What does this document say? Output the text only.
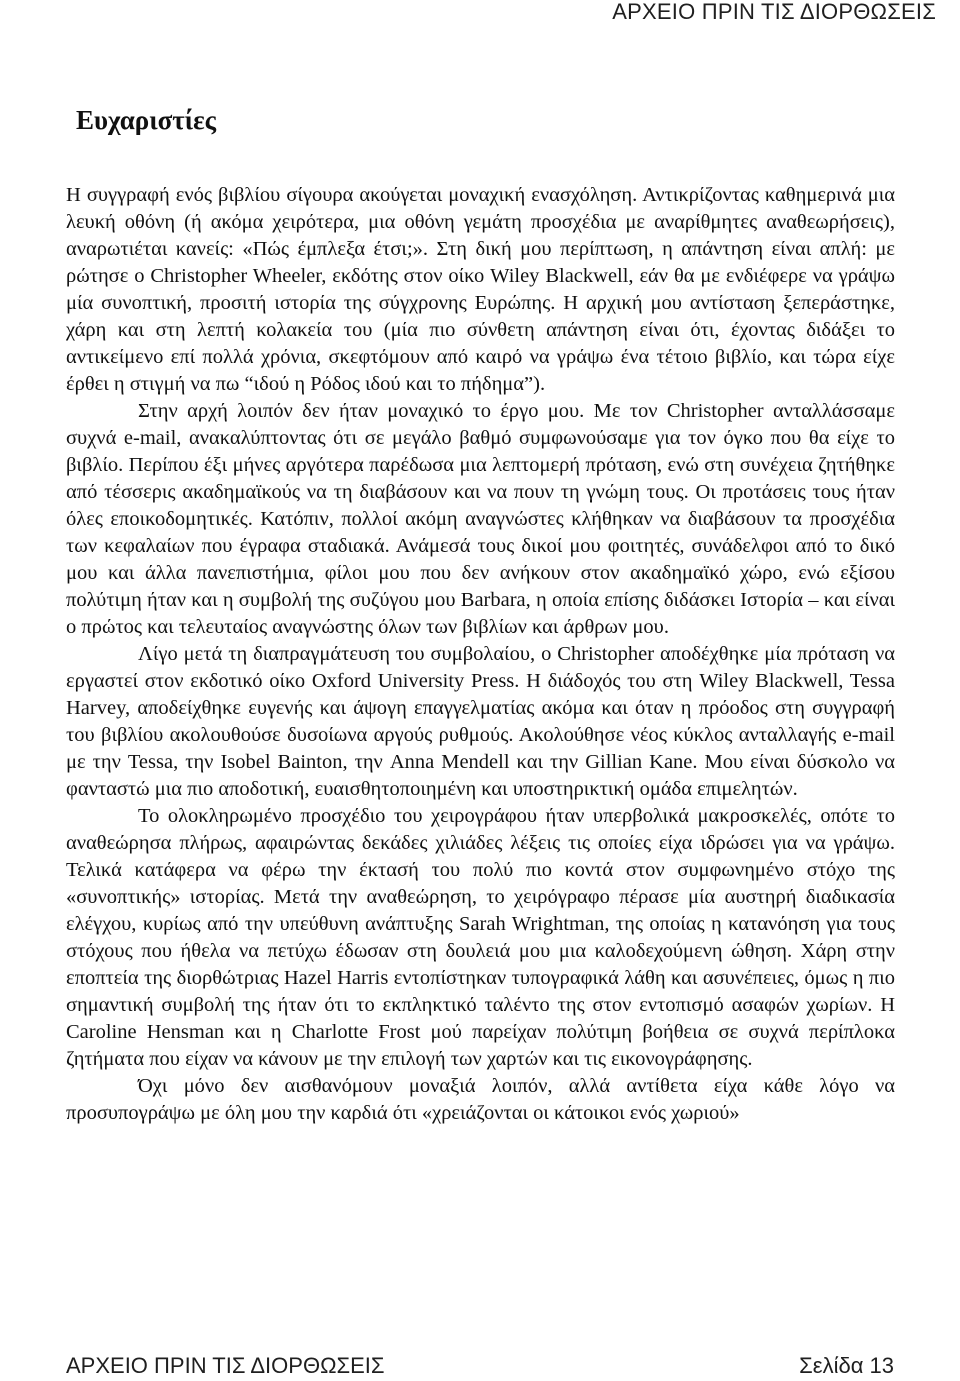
ΑΡΧΕΙΟ ΠΡΙΝ ΤΙΣ ΔΙΟΡΘΩΣΕΙΣ
Ευχαριστίες

Η συγγραφή ενός βιβλίου σίγουρα ακούγεται μοναχική ενασχόληση. Αντικρίζοντας καθημερινά μια λευκή οθόνη (ή ακόμα χειρότερα, μια οθόνη γεμάτη προσχέδια με αναρίθμητες αναθεωρήσεις), αναρωτιέται κανείς: «Πώς έμπλεξα έτσι;». Στη δική μου περίπτωση, η απάντηση είναι απλή: με ρώτησε ο Christopher Wheeler, εκδότης στον οίκο Wiley Blackwell, εάν θα με ενδιέφερε να γράψω μία συνοπτική, προσιτή ιστορία της σύγχρονης Ευρώπης. Η αρχική μου αντίσταση ξεπεράστηκε, χάρη και στη λεπτή κολακεία του (μία πιο σύνθετη απάντηση είναι ότι, έχοντας διδάξει το αντικείμενο επί πολλά χρόνια, σκεφτόμουν από καιρό να γράψω ένα τέτοιο βιβλίο, και τώρα είχε έρθει η στιγμή να πω “ιδού η Ρόδος ιδού και το πήδημα”).

Στην αρχή λοιπόν δεν ήταν μοναχικό το έργο μου. Με τον Christopher ανταλλάσσαμε συχνά e-mail, ανακαλύπτοντας ότι σε μεγάλο βαθμό συμφωνούσαμε για τον όγκο που θα είχε το βιβλίο. Περίπου έξι μήνες αργότερα παρέδωσα μια λεπτομερή πρόταση, ενώ στη συνέχεια ζητήθηκε από τέσσερις ακαδημαϊκούς να τη διαβάσουν και να πουν τη γνώμη τους. Οι προτάσεις τους ήταν όλες εποικοδομητικές. Κατόπιν, πολλοί ακόμη αναγνώστες κλήθηκαν να διαβάσουν τα προσχέδια των κεφαλαίων που έγραφα σταδιακά. Ανάμεσά τους δικοί μου φοιτητές, συνάδελφοι από το δικό μου και άλλα πανεπιστήμια, φίλοι μου που δεν ανήκουν στον ακαδημαϊκό χώρο, ενώ εξίσου πολύτιμη ήταν και η συμβολή της συζύγου μου Barbara, η οποία επίσης διδάσκει Ιστορία – και είναι ο πρώτος και τελευταίος αναγνώστης όλων των βιβλίων και άρθρων μου.

Λίγο μετά τη διαπραγμάτευση του συμβολαίου, ο Christopher αποδέχθηκε μία πρόταση να εργαστεί στον εκδοτικό οίκο Oxford University Press. Η διάδοχός του στη Wiley Blackwell, Tessa Harvey, αποδείχθηκε ευγενής και άψογη επαγγελματίας ακόμα και όταν η πρόοδος στη συγγραφή του βιβλίου ακολουθούσε δυσοίωνα αργούς ρυθμούς. Ακολούθησε νέος κύκλος ανταλλαγής e-mail με την Tessa, την Isobel Bainton, την Anna Mendell και την Gillian Kane. Μου είναι δύσκολο να φανταστώ μια πιο αποδοτική, ευαισθητοποιημένη και υποστηρικτική ομάδα επιμελητών.

Το ολοκληρωμένο προσχέδιο του χειρογράφου ήταν υπερβολικά μακροσκελές, οπότε το αναθεώρησα πλήρως, αφαιρώντας δεκάδες χιλιάδες λέξεις τις οποίες είχα ιδρώσει για να γράψω. Τελικά κατάφερα να φέρω την έκτασή του πολύ πιο κοντά στον συμφωνημένο στόχο της «συνοπτικής» ιστορίας. Μετά την αναθεώρηση, το χειρόγραφο πέρασε μία αυστηρή διαδικασία ελέγχου, κυρίως από την υπεύθυνη ανάπτυξης Sarah Wrightman, της οποίας η κατανόηση για τους στόχους που ήθελα να πετύχω έδωσαν στη δουλειά μου μια καλοδεχούμενη ώθηση. Χάρη στην εποπτεία της διορθώτριας Hazel Harris εντοπίστηκαν τυπογραφικά λάθη και ασυνέπειες, όμως η πιο σημαντική συμβολή της ήταν ότι το εκπληκτικό ταλέντο της στον εντοπισμό ασαφών χωρίων. Η Caroline Hensman και η Charlotte Frost μού παρείχαν πολύτιμη βοήθεια σε συχνά περίπλοκα ζητήματα που είχαν να κάνουν με την επιλογή των χαρτών και τις εικονογράφησης.

Όχι μόνο δεν αισθανόμουν μοναξιά λοιπόν, αλλά αντίθετα είχα κάθε λόγο να προσυπογράψω με όλη μου την καρδιά ότι «χρειάζονται οι κάτοικοι ενός χωριού»

ΑΡΧΕΙΟ ΠΡΙΝ ΤΙΣ ΔΙΟΡΘΩΣΕΙΣ	Σελίδα 13
